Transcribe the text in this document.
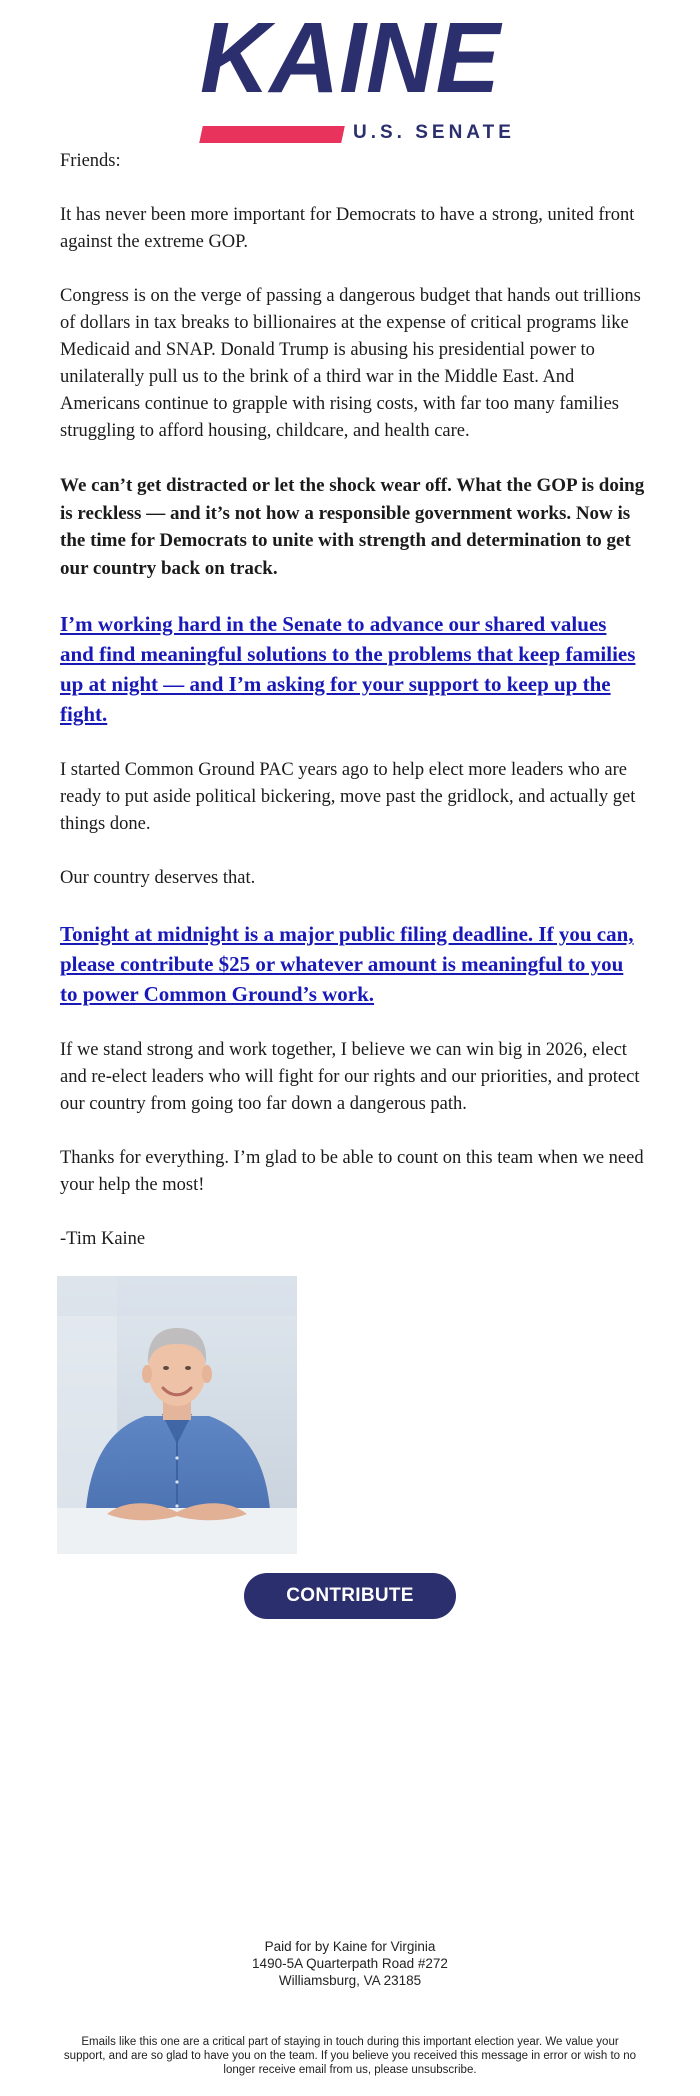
KAINE
U.S. SENATE

Friends:

It has never been more important for Democrats to have a strong, united front against the extreme GOP.

Congress is on the verge of passing a dangerous budget that hands out trillions of dollars in tax breaks to billionaires at the expense of critical programs like Medicaid and SNAP. Donald Trump is abusing his presidential power to unilaterally pull us to the brink of a third war in the Middle East. And Americans continue to grapple with rising costs, with far too many families struggling to afford housing, childcare, and health care.

We can’t get distracted or let the shock wear off. What the GOP is doing is reckless — and it’s not how a responsible government works. Now is the time for Democrats to unite with strength and determination to get our country back on track.

I’m working hard in the Senate to advance our shared values and find meaningful solutions to the problems that keep families up at night — and I’m asking for your support to keep up the fight.

I started Common Ground PAC years ago to help elect more leaders who are ready to put aside political bickering, move past the gridlock, and actually get things done.

Our country deserves that.

Tonight at midnight is a major public filing deadline. If you can, please contribute $25 or whatever amount is meaningful to you to power Common Ground’s work.

If we stand strong and work together, I believe we can win big in 2026, elect and re-elect leaders who will fight for our rights and our priorities, and protect our country from going too far down a dangerous path.

Thanks for everything. I’m glad to be able to count on this team when we need your help the most!

-Tim Kaine

CONTRIBUTE
Paid for by Kaine for Virginia
1490-5A Quarterpath Road #272
Williamsburg, VA 23185
Emails like this one are a critical part of staying in touch during this important election year. We value your support, and are so glad to have you on the team. If you believe you received this message in error or wish to no longer receive email from us, please unsubscribe.
